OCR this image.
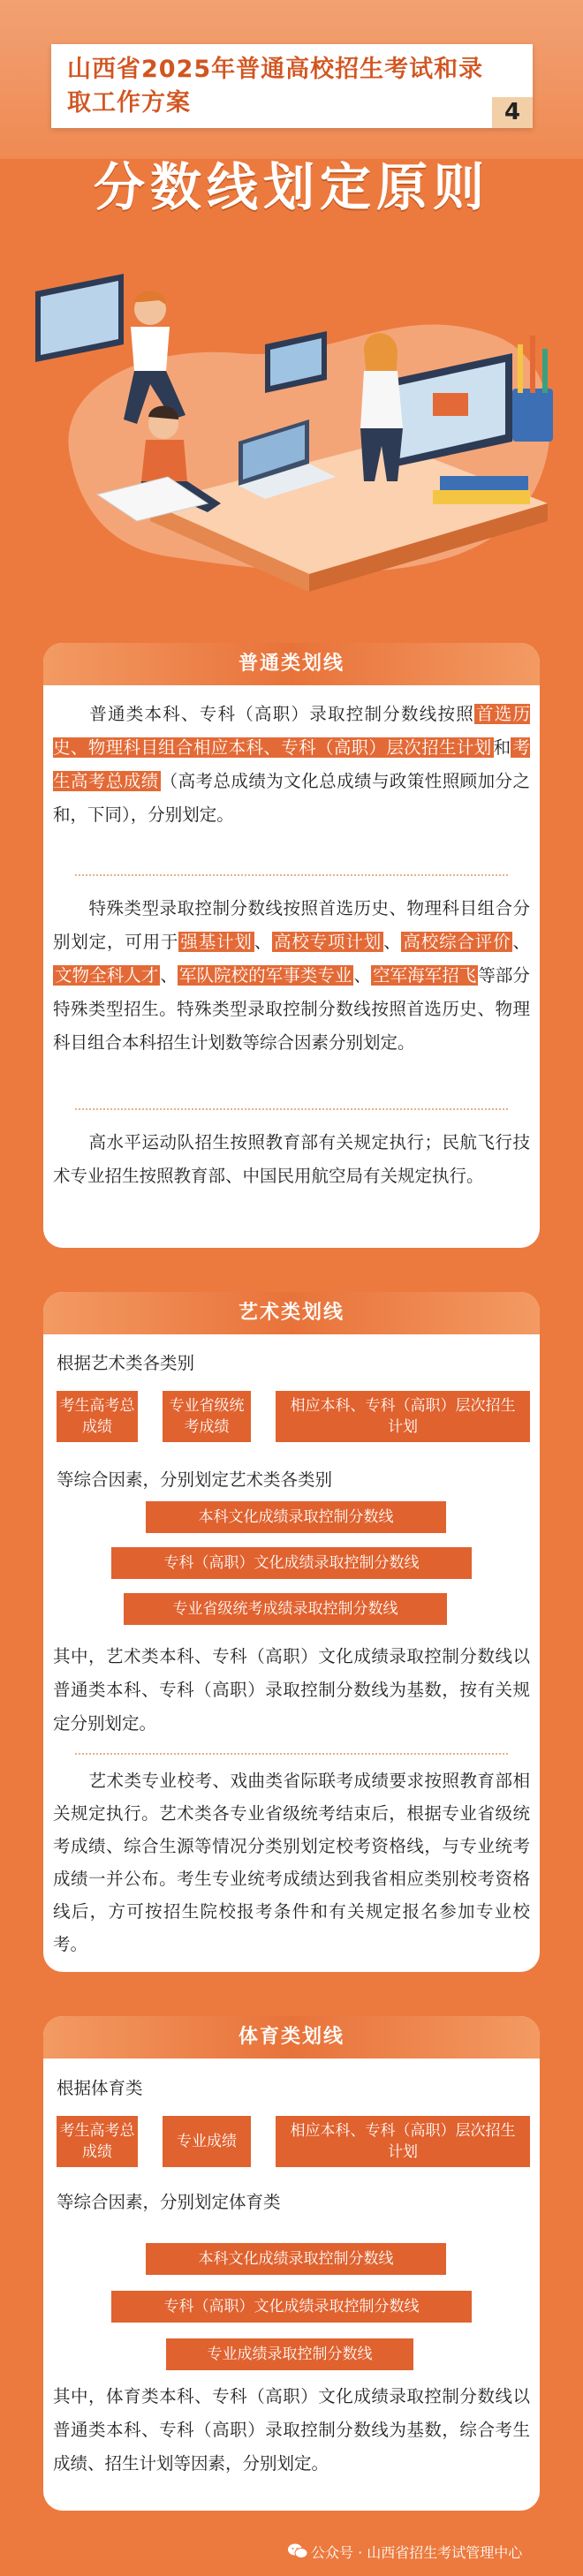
山西省2025年普通高校招生考试和录取工作方案	4
分数线划定原则
普通类划线
普通类本科、专科（高职）录取控制分数线按照 首选历史、物理科目组合相应本科、专科（高职）层次招生计划 和 考生高考总成绩 （高考总成绩为文化总成绩与政策性照顾加分之和，下同），分别划定。
特殊类型录取控制分数线按照首选历史、物理科目组合分别划定，可用于 强基计划 、 高校专项计划 、 高校综合评价 、文物全科人才 、 军队院校的军事类专业 、 空军海军招飞 等部分特殊类型招生。特殊类型录取控制分数线按照首选历史、物理科目组合本科招生计划数等综合因素分别划定。
高水平运动队招生按照教育部有关规定执行；民航飞行技术专业招生按照教育部、中国民用航空局有关规定执行。
艺术类划线
根据艺术类各类别
考生高考总成绩
专业省级统考成绩
相应本科、专科（高职）层次招生计划
等综合因素，分别划定艺术类各类别
本科文化成绩录取控制分数线
专科（高职）文化成绩录取控制分数线
专业省级统考成绩录取控制分数线
其中，艺术类本科、专科（高职）文化成绩录取控制分数线以普通类本科、专科（高职）录取控制分数线为基数，按有关规定分别划定。
艺术类专业校考、戏曲类省际联考成绩要求按照教育部相关规定执行。艺术类各专业省级统考结束后，根据专业省级统考成绩、综合生源等情况分类别划定校考资格线，与专业统考成绩一并公布。考生专业统考成绩达到我省相应类别校考资格线后，方可按招生院校报考条件和有关规定报名参加专业校考。
体育类划线
根据体育类
考生高考总成绩
专业成绩
相应本科、专科（高职）层次招生计划
等综合因素，分别划定体育类
本科文化成绩录取控制分数线
专科（高职）文化成绩录取控制分数线
专业成绩录取控制分数线
其中，体育类本科、专科（高职）文化成绩录取控制分数线以普通类本科、专科（高职）录取控制分数线为基数，综合考生成绩、招生计划等因素，分别划定。
公众号 · 山西省招生考试管理中心
